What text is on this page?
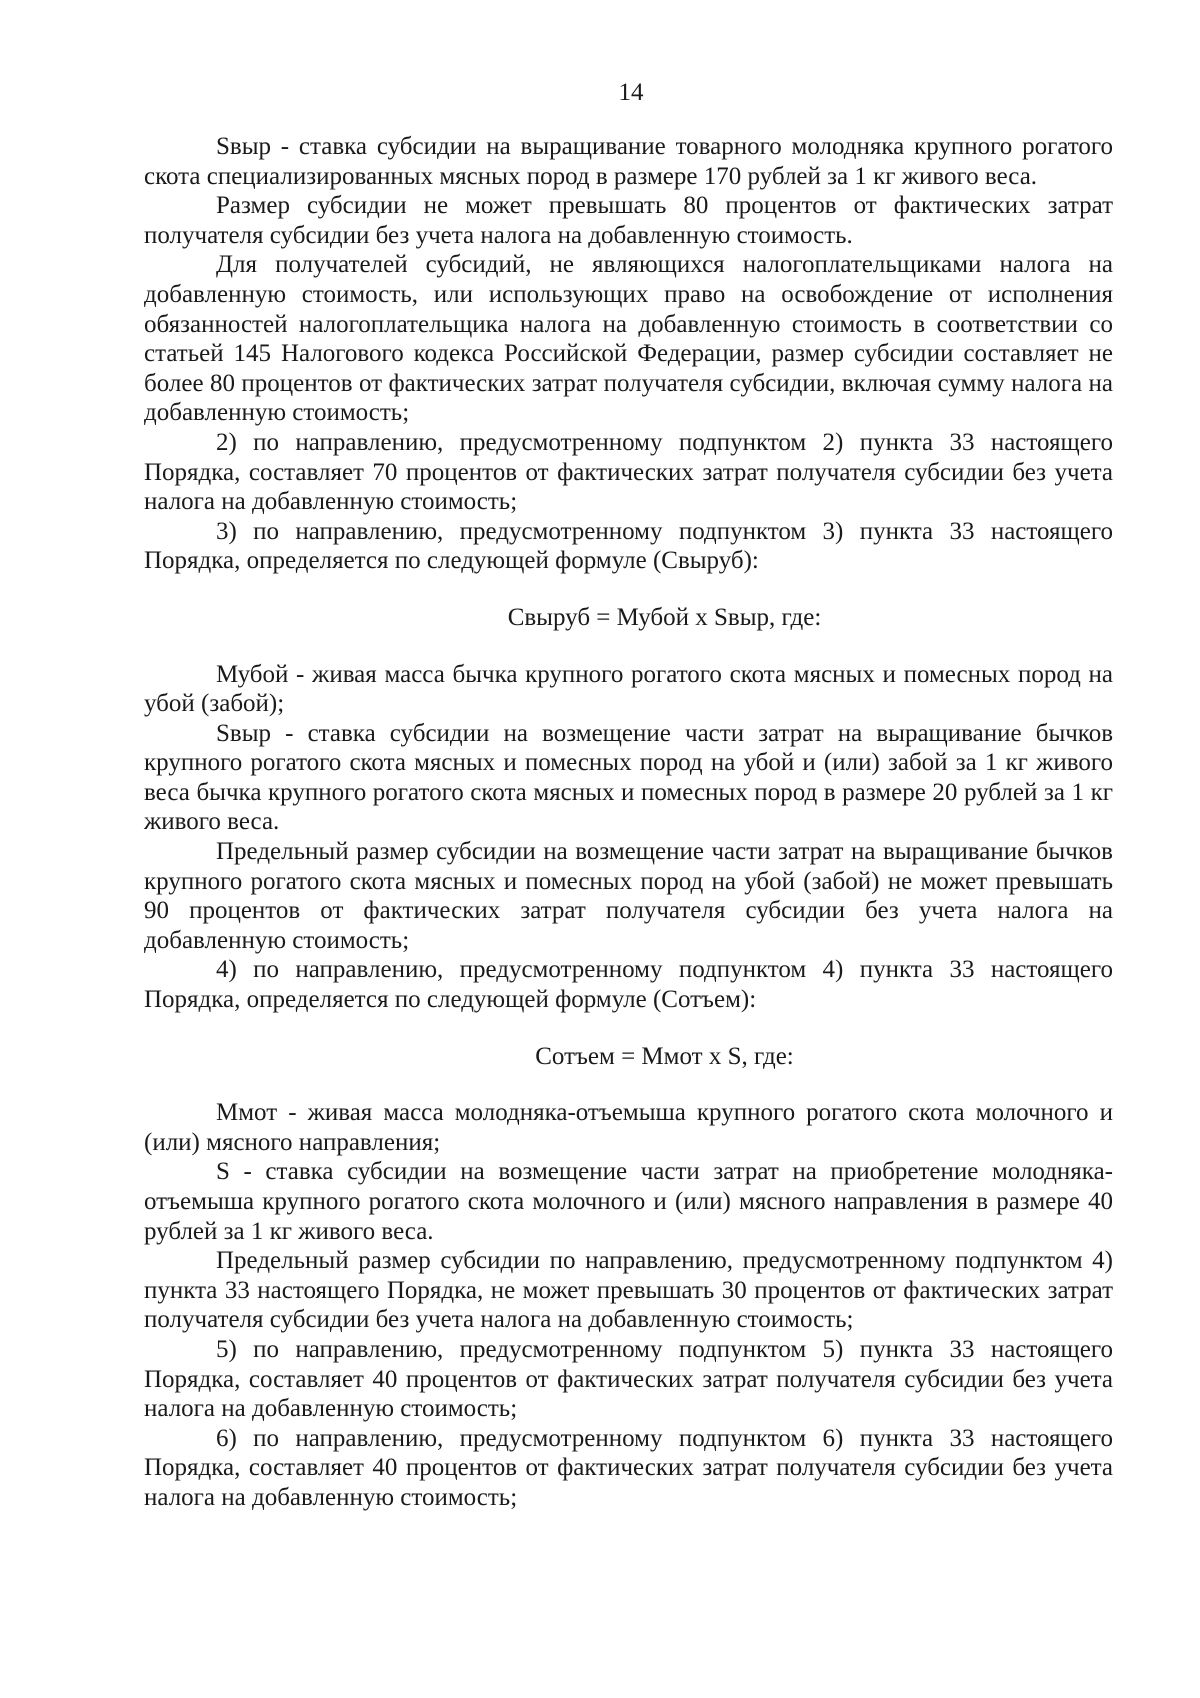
14

Sвыр - ставка субсидии на выращивание товарного молодняка крупного рогатого скота специализированных мясных пород в размере 170 рублей за 1 кг живого веса.

Размер субсидии не может превышать 80 процентов от фактических затрат получателя субсидии без учета налога на добавленную стоимость.

Для получателей субсидий, не являющихся налогоплательщиками налога на добавленную стоимость, или использующих право на освобождение от исполнения обязанностей налогоплательщика налога на добавленную стоимость в соответствии со статьей 145 Налогового кодекса Российской Федерации, размер субсидии составляет не более 80 процентов от фактических затрат получателя субсидии, включая сумму налога на добавленную стоимость;

2) по направлению, предусмотренному подпунктом 2) пункта 33 настоящего Порядка, составляет 70 процентов от фактических затрат получателя субсидии без учета налога на добавленную стоимость;

3) по направлению, предусмотренному подпунктом 3) пункта 33 настоящего Порядка, определяется по следующей формуле (Свыруб):

Свыруб = Мубой x Sвыр, где:

Мубой - живая масса бычка крупного рогатого скота мясных и помесных пород на убой (забой);

Sвыр - ставка субсидии на возмещение части затрат на выращивание бычков крупного рогатого скота мясных и помесных пород на убой и (или) забой за 1 кг живого веса бычка крупного рогатого скота мясных и помесных пород в размере 20 рублей за 1 кг живого веса.

Предельный размер субсидии на возмещение части затрат на выращивание бычков крупного рогатого скота мясных и помесных пород на убой (забой) не может превышать 90 процентов от фактических затрат получателя субсидии без учета налога на добавленную стоимость;

4) по направлению, предусмотренному подпунктом 4) пункта 33 настоящего Порядка, определяется по следующей формуле (Сотъем):

Сотъем = Ммот x S, где:

Ммот - живая масса молодняка-отъемыша крупного рогатого скота молочного и (или) мясного направления;

S - ставка субсидии на возмещение части затрат на приобретение молодняка-отъемыша крупного рогатого скота молочного и (или) мясного направления в размере 40 рублей за 1 кг живого веса.

Предельный размер субсидии по направлению, предусмотренному подпунктом 4) пункта 33 настоящего Порядка, не может превышать 30 процентов от фактических затрат получателя субсидии без учета налога на добавленную стоимость;

5) по направлению, предусмотренному подпунктом 5) пункта 33 настоящего Порядка, составляет 40 процентов от фактических затрат получателя субсидии без учета налога на добавленную стоимость;

6) по направлению, предусмотренному подпунктом 6) пункта 33 настоящего Порядка, составляет 40 процентов от фактических затрат получателя субсидии без учета налога на добавленную стоимость;
